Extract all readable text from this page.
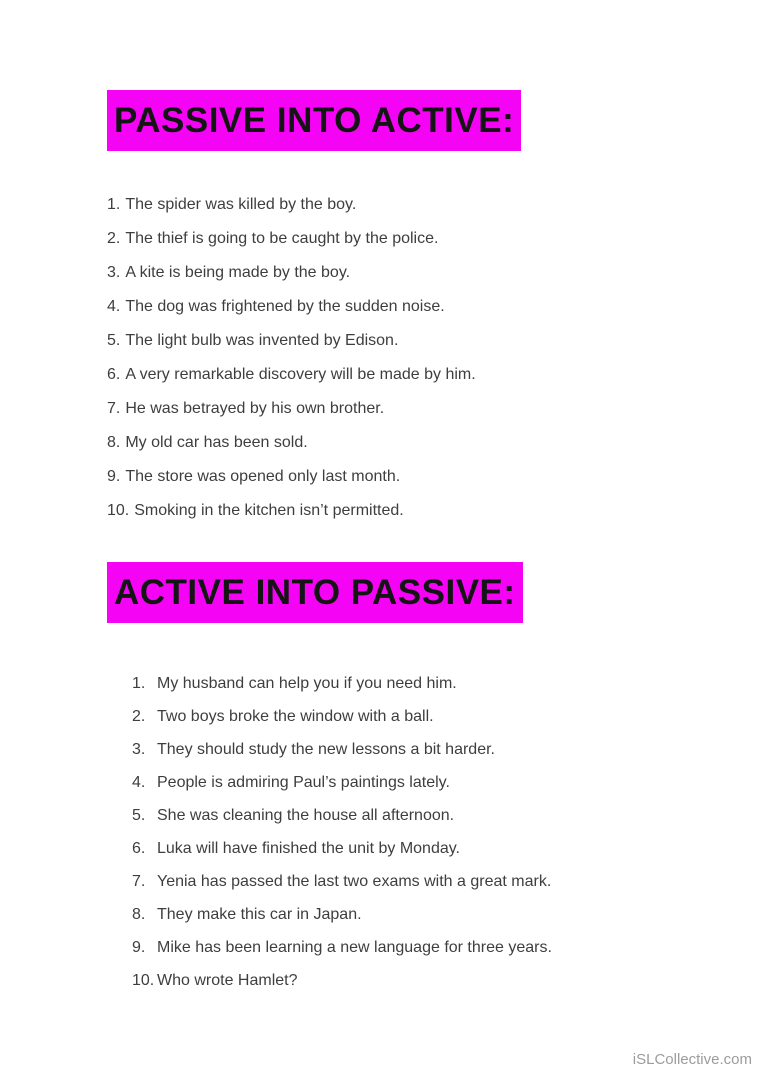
PASSIVE INTO ACTIVE:
1. The spider was killed by the boy.
2. The thief is going to be caught by the police.
3. A kite is being made by the boy.
4. The dog was frightened by the sudden noise.
5. The light bulb was invented by Edison.
6. A very remarkable discovery will be made by him.
7. He was betrayed by his own brother.
8. My old car has been sold.
9. The store was opened only last month.
10. Smoking in the kitchen isn’t permitted.
ACTIVE INTO PASSIVE:
1. My husband can help you if you need him.
2. Two boys broke the window with a ball.
3. They should study the new lessons a bit harder.
4. People is admiring Paul’s paintings lately.
5. She was cleaning the house all afternoon.
6. Luka will have finished the unit by Monday.
7. Yenia has passed the last two exams with a great mark.
8. They make this car in Japan.
9. Mike has been learning a new language for three years.
10. Who wrote Hamlet?
iSLCollective.com
